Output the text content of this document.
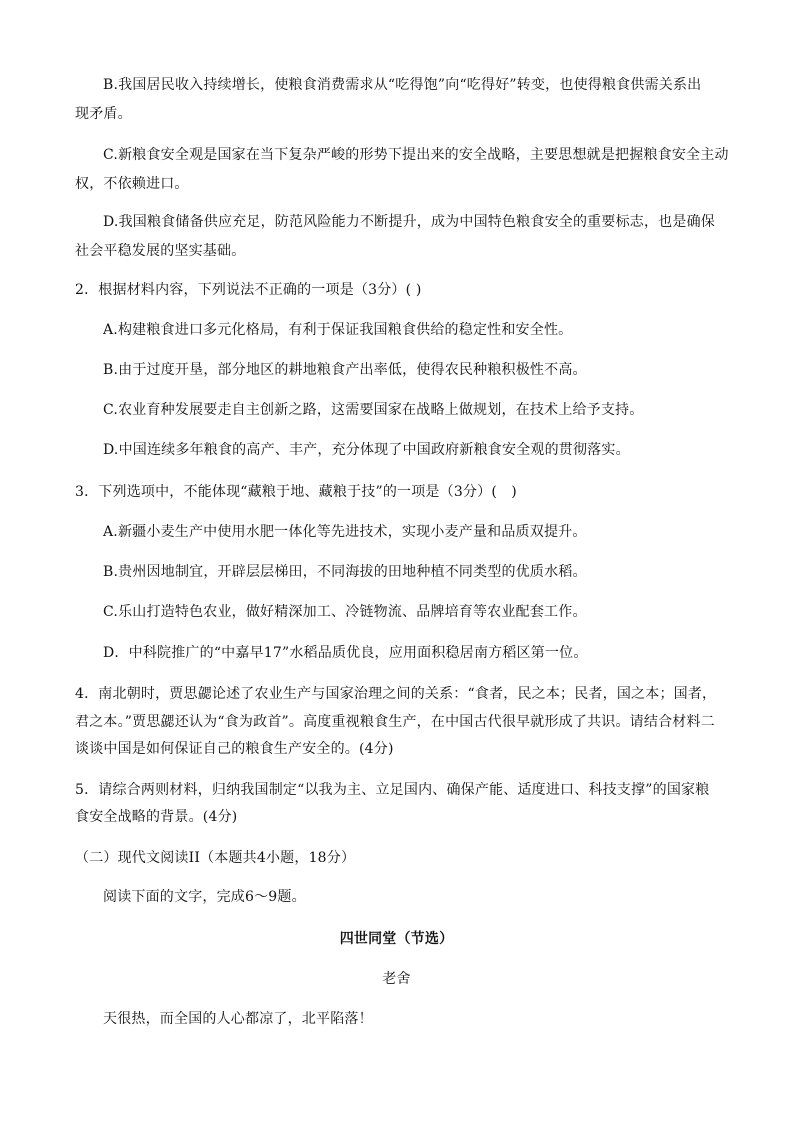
B.我国居民收入持续增长，使粮食消费需求从“吃得饱”向“吃得好”转变，也使得粮食供需关系出
现矛盾。
C.新粮食安全观是国家在当下复杂严峻的形势下提出来的安全战略，主要思想就是把握粮食安全主动
权，不依赖进口。
D.我国粮食储备供应充足，防范风险能力不断提升，成为中国特色粮食安全的重要标志，也是确保
社会平稳发展的坚实基础。
2．根据材料内容，下列说法不正确的一项是（3分）( )
A.构建粮食进口多元化格局，有利于保证我国粮食供给的稳定性和安全性。
B.由于过度开垦，部分地区的耕地粮食产出率低，使得农民种粮积极性不高。
C.农业育种发展要走自主创新之路，这需要国家在战略上做规划，在技术上给予支持。
D.中国连续多年粮食的高产、丰产，充分体现了中国政府新粮食安全观的贯彻落实。
3．下列选项中，不能体现“藏粮于地、藏粮于技”的一项是（3分）(　)
A.新疆小麦生产中使用水肥一体化等先进技术，实现小麦产量和品质双提升。
B.贵州因地制宜，开辟层层梯田，不同海拔的田地种植不同类型的优质水稻。
C.乐山打造特色农业，做好精深加工、冷链物流、品牌培育等农业配套工作。
D．中科院推广的“中嘉早17”水稻品质优良，应用面积稳居南方稻区第一位。
4．南北朝时，贾思勰论述了农业生产与国家治理之间的关系：“食者，民之本；民者，国之本；国者，
君之本。”贾思勰还认为“食为政首”。高度重视粮食生产，在中国古代很早就形成了共识。请结合材料二
谈谈中国是如何保证自己的粮食生产安全的。(4分)
5．请综合两则材料，归纳我国制定“以我为主、立足国内、确保产能、适度进口、科技支撑”的国家粮
食安全战略的背景。(4分)
（二）现代文阅读II（本题共4小题，18分）
阅读下面的文字，完成6～9题。
四世同堂（节选）
老舍
天很热，而全国的人心都凉了，北平陷落！
